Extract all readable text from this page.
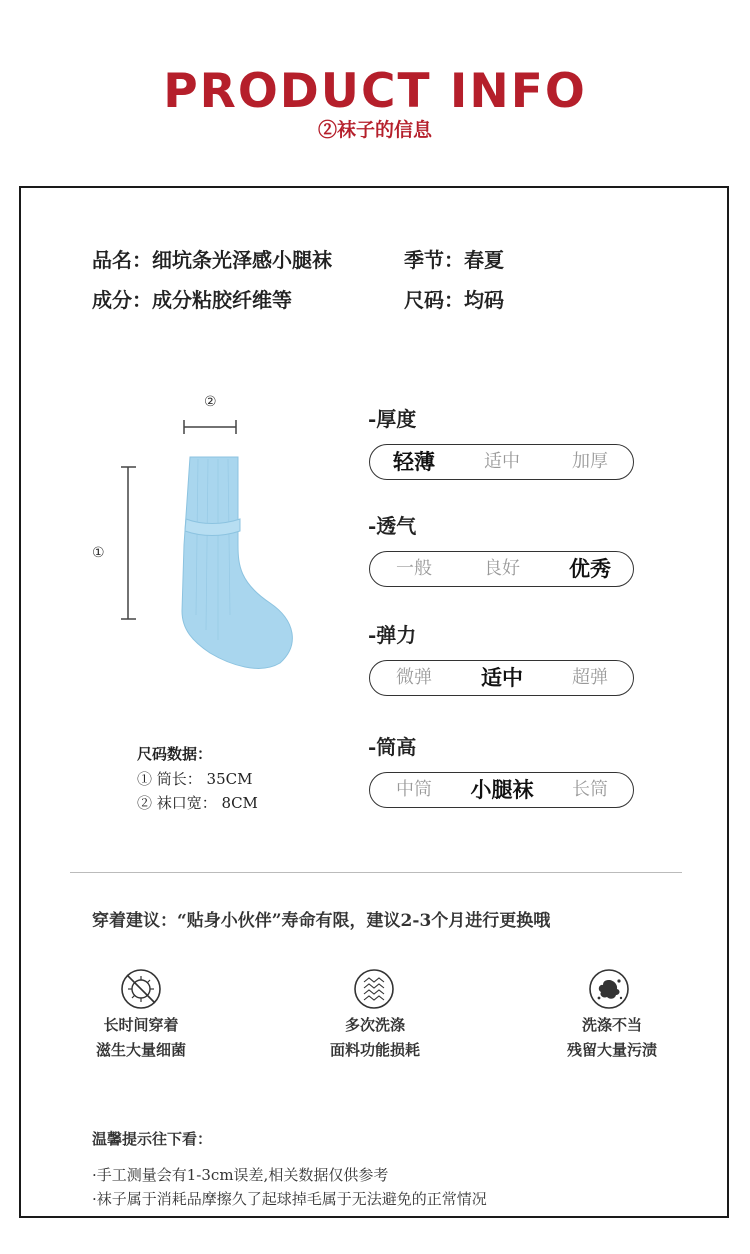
PRODUCT INFO
②袜子的信息
品名：细坑条光泽感小腿袜	季节：春夏
成分：成分粘胶纤维等	尺码：均码
②
①
尺码数据：
① 筒长： 35CM
② 袜口宽： 8CM
-厚度
轻薄	适中	加厚
-透气
一般	良好	优秀
-弹力
微弹	适中	超弹
-筒高
中筒	小腿袜	长筒
穿着建议：“贴身小伙伴”寿命有限，建议2-3个月进行更换哦
长时间穿着
滋生大量细菌
多次洗涤
面料功能损耗
洗涤不当
残留大量污渍
温馨提示往下看：
·手工测量会有1-3cm误差,相关数据仅供参考
·袜子属于消耗品摩擦久了起球掉毛属于无法避免的正常情况
